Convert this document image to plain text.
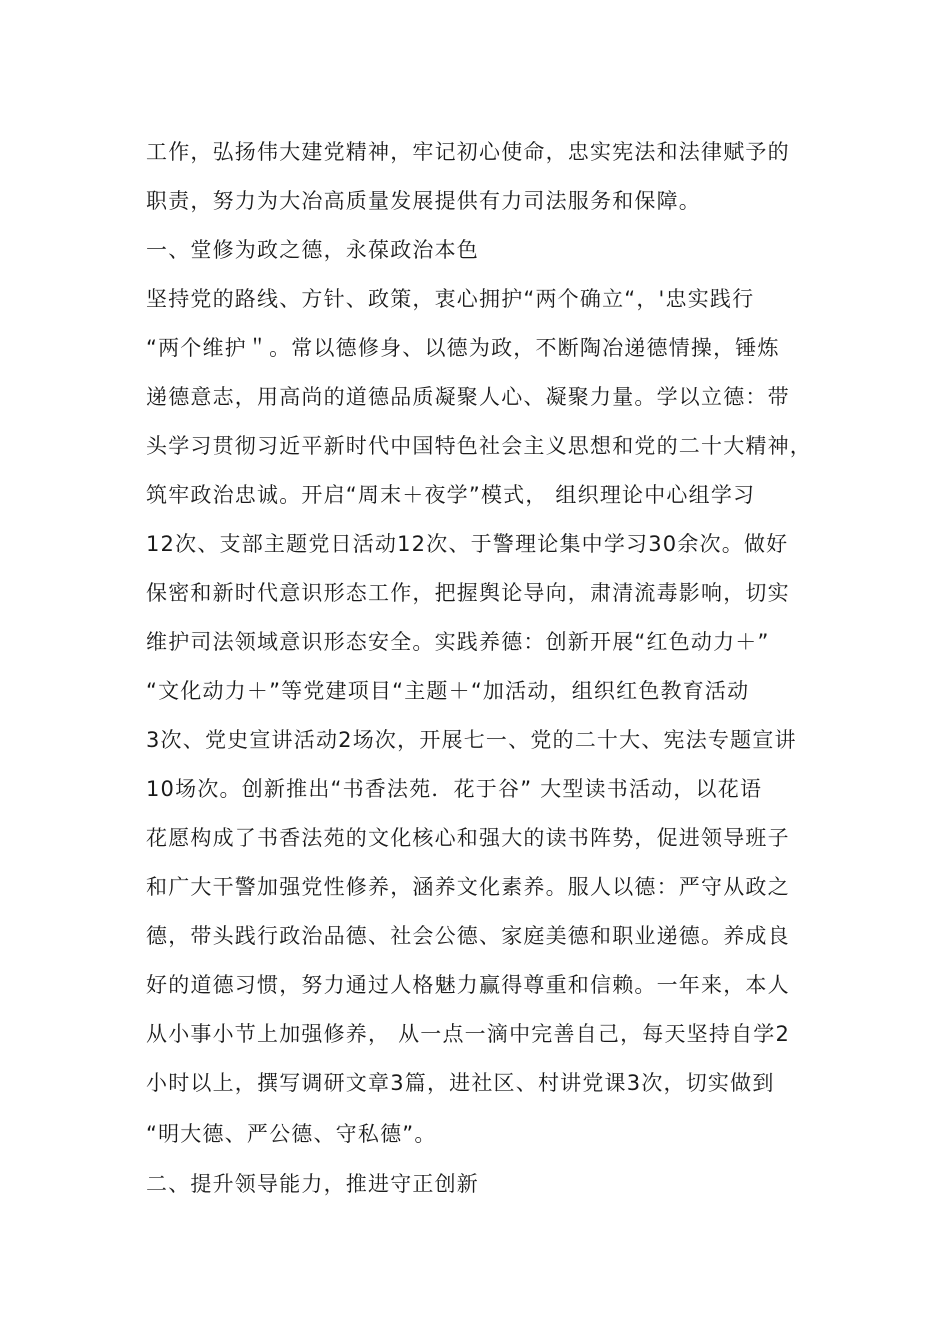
工作，弘扬伟大建党精神，牢记初心使命，忠实宪法和法律赋予的
职责，努力为大冶高质量发展提供有力司法服务和保障。
一、堂修为政之德，永葆政治本色
坚持党的路线、方针、政策，衷心拥护“两个确立“，'忠实践行
“两个维护＂。常以德修身、以德为政，不断陶冶递德情操，锤炼
递德意志，用高尚的道德品质凝聚人心、凝聚力量。学以立德：带
头学习贯彻习近平新时代中国特色社会主义思想和党的二十大精神，
筑牢政治忠诚。开启“周末＋夜学”模式， 组织理论中心组学习
12次、支部主题党日活动12次、于警理论集中学习30余次。做好
保密和新时代意识形态工作，把握舆论导向，肃清流毒影响，切实
维护司法领域意识形态安全。实践养德：创新开展“红色动力＋”
“文化动力＋”等党建项目“主题＋“加活动，组织红色教育活动
3次、党史宣讲活动2场次，开展七一、党的二十大、宪法专题宣讲
10场次。创新推出“书香法苑．花于谷” 大型读书活动，以花语
花愿构成了书香法苑的文化核心和强大的读书阵势，促进领导班子
和广大干警加强党性修养，涵养文化素养。服人以德：严守从政之
德，带头践行政治品德、社会公德、家庭美德和职业递德。养成良
好的道德习惯，努力通过人格魅力赢得尊重和信赖。一年来，本人
从小事小节上加强修养， 从一点一滴中完善自己，每天坚持自学2
小时以上，撰写调研文章3篇，进社区、村讲党课3次，切实做到
“明大德、严公德、守私德”。
二、提升领导能力，推进守正创新
